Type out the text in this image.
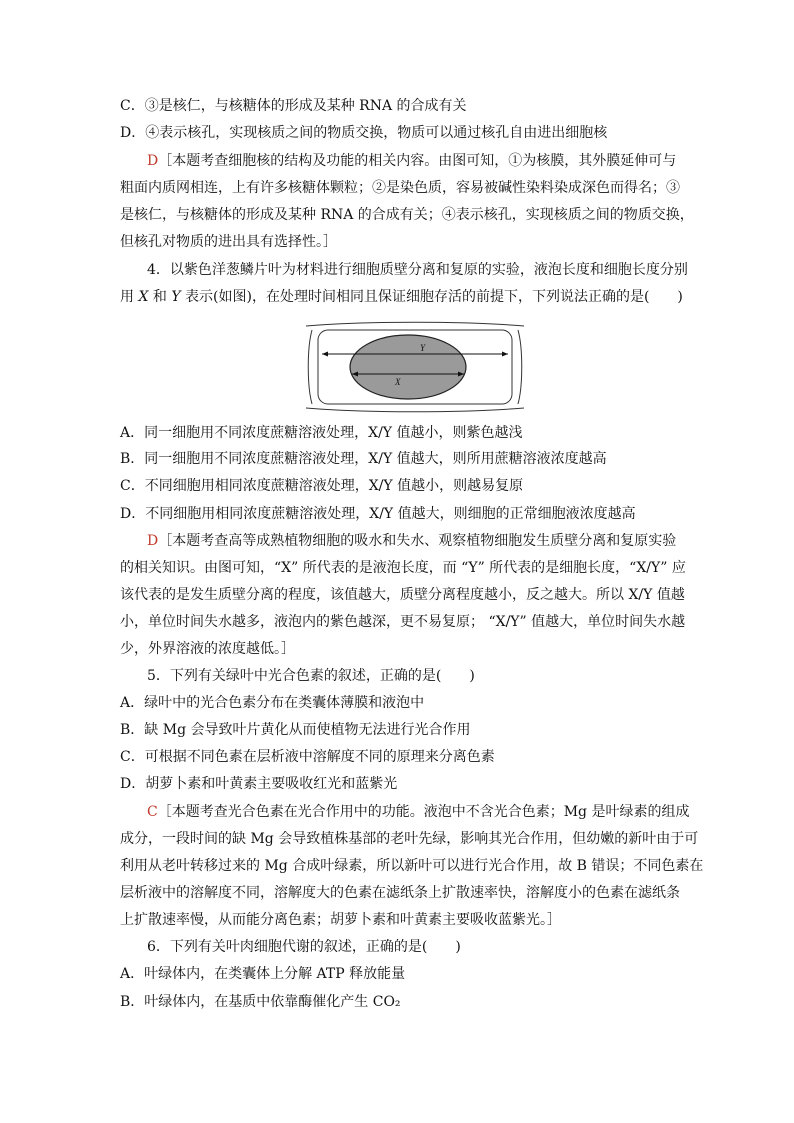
C．③是核仁，与核糖体的形成及某种 RNA 的合成有关
D．④表示核孔，实现核质之间的物质交换，物质可以通过核孔自由进出细胞核
D［本题考查细胞核的结构及功能的相关内容。由图可知，①为核膜，其外膜延伸可与
粗面内质网相连，上有许多核糖体颗粒；②是染色质，容易被碱性染料染成深色而得名；③
是核仁，与核糖体的形成及某种 RNA 的合成有关；④表示核孔，实现核质之间的物质交换，
但核孔对物质的进出具有选择性。］
4．以紫色洋葱鳞片叶为材料进行细胞质壁分离和复原的实验，液泡长度和细胞长度分别
用 X 和 Y 表示(如图)，在处理时间相同且保证细胞存活的前提下，下列说法正确的是(　　)
Y
X
A．同一细胞用不同浓度蔗糖溶液处理，X/Y 值越小，则紫色越浅
B．同一细胞用不同浓度蔗糖溶液处理，X/Y 值越大，则所用蔗糖溶液浓度越高
C．不同细胞用相同浓度蔗糖溶液处理，X/Y 值越小，则越易复原
D．不同细胞用相同浓度蔗糖溶液处理，X/Y 值越大，则细胞的正常细胞液浓度越高
D［本题考查高等成熟植物细胞的吸水和失水、观察植物细胞发生质壁分离和复原实验
的相关知识。由图可知，“X” 所代表的是液泡长度，而 “Y” 所代表的是细胞长度，“X/Y” 应
该代表的是发生质壁分离的程度，该值越大，质壁分离程度越小，反之越大。所以 X/Y 值越
小，单位时间失水越多，液泡内的紫色越深，更不易复原； “X/Y” 值越大，单位时间失水越
少，外界溶液的浓度越低。］
5．下列有关绿叶中光合色素的叙述，正确的是(　　)
A．绿叶中的光合色素分布在类囊体薄膜和液泡中
B．缺 Mg 会导致叶片黄化从而使植物无法进行光合作用
C．可根据不同色素在层析液中溶解度不同的原理来分离色素
D．胡萝卜素和叶黄素主要吸收红光和蓝紫光
C［本题考查光合色素在光合作用中的功能。液泡中不含光合色素；Mg 是叶绿素的组成
成分，一段时间的缺 Mg 会导致植株基部的老叶先绿，影响其光合作用，但幼嫩的新叶由于可
利用从老叶转移过来的 Mg 合成叶绿素，所以新叶可以进行光合作用，故 B 错误；不同色素在
层析液中的溶解度不同，溶解度大的色素在滤纸条上扩散速率快，溶解度小的色素在滤纸条
上扩散速率慢，从而能分离色素；胡萝卜素和叶黄素主要吸收蓝紫光。］
6．下列有关叶肉细胞代谢的叙述，正确的是(　　)
A．叶绿体内，在类囊体上分解 ATP 释放能量
B．叶绿体内，在基质中依靠酶催化产生 CO₂
